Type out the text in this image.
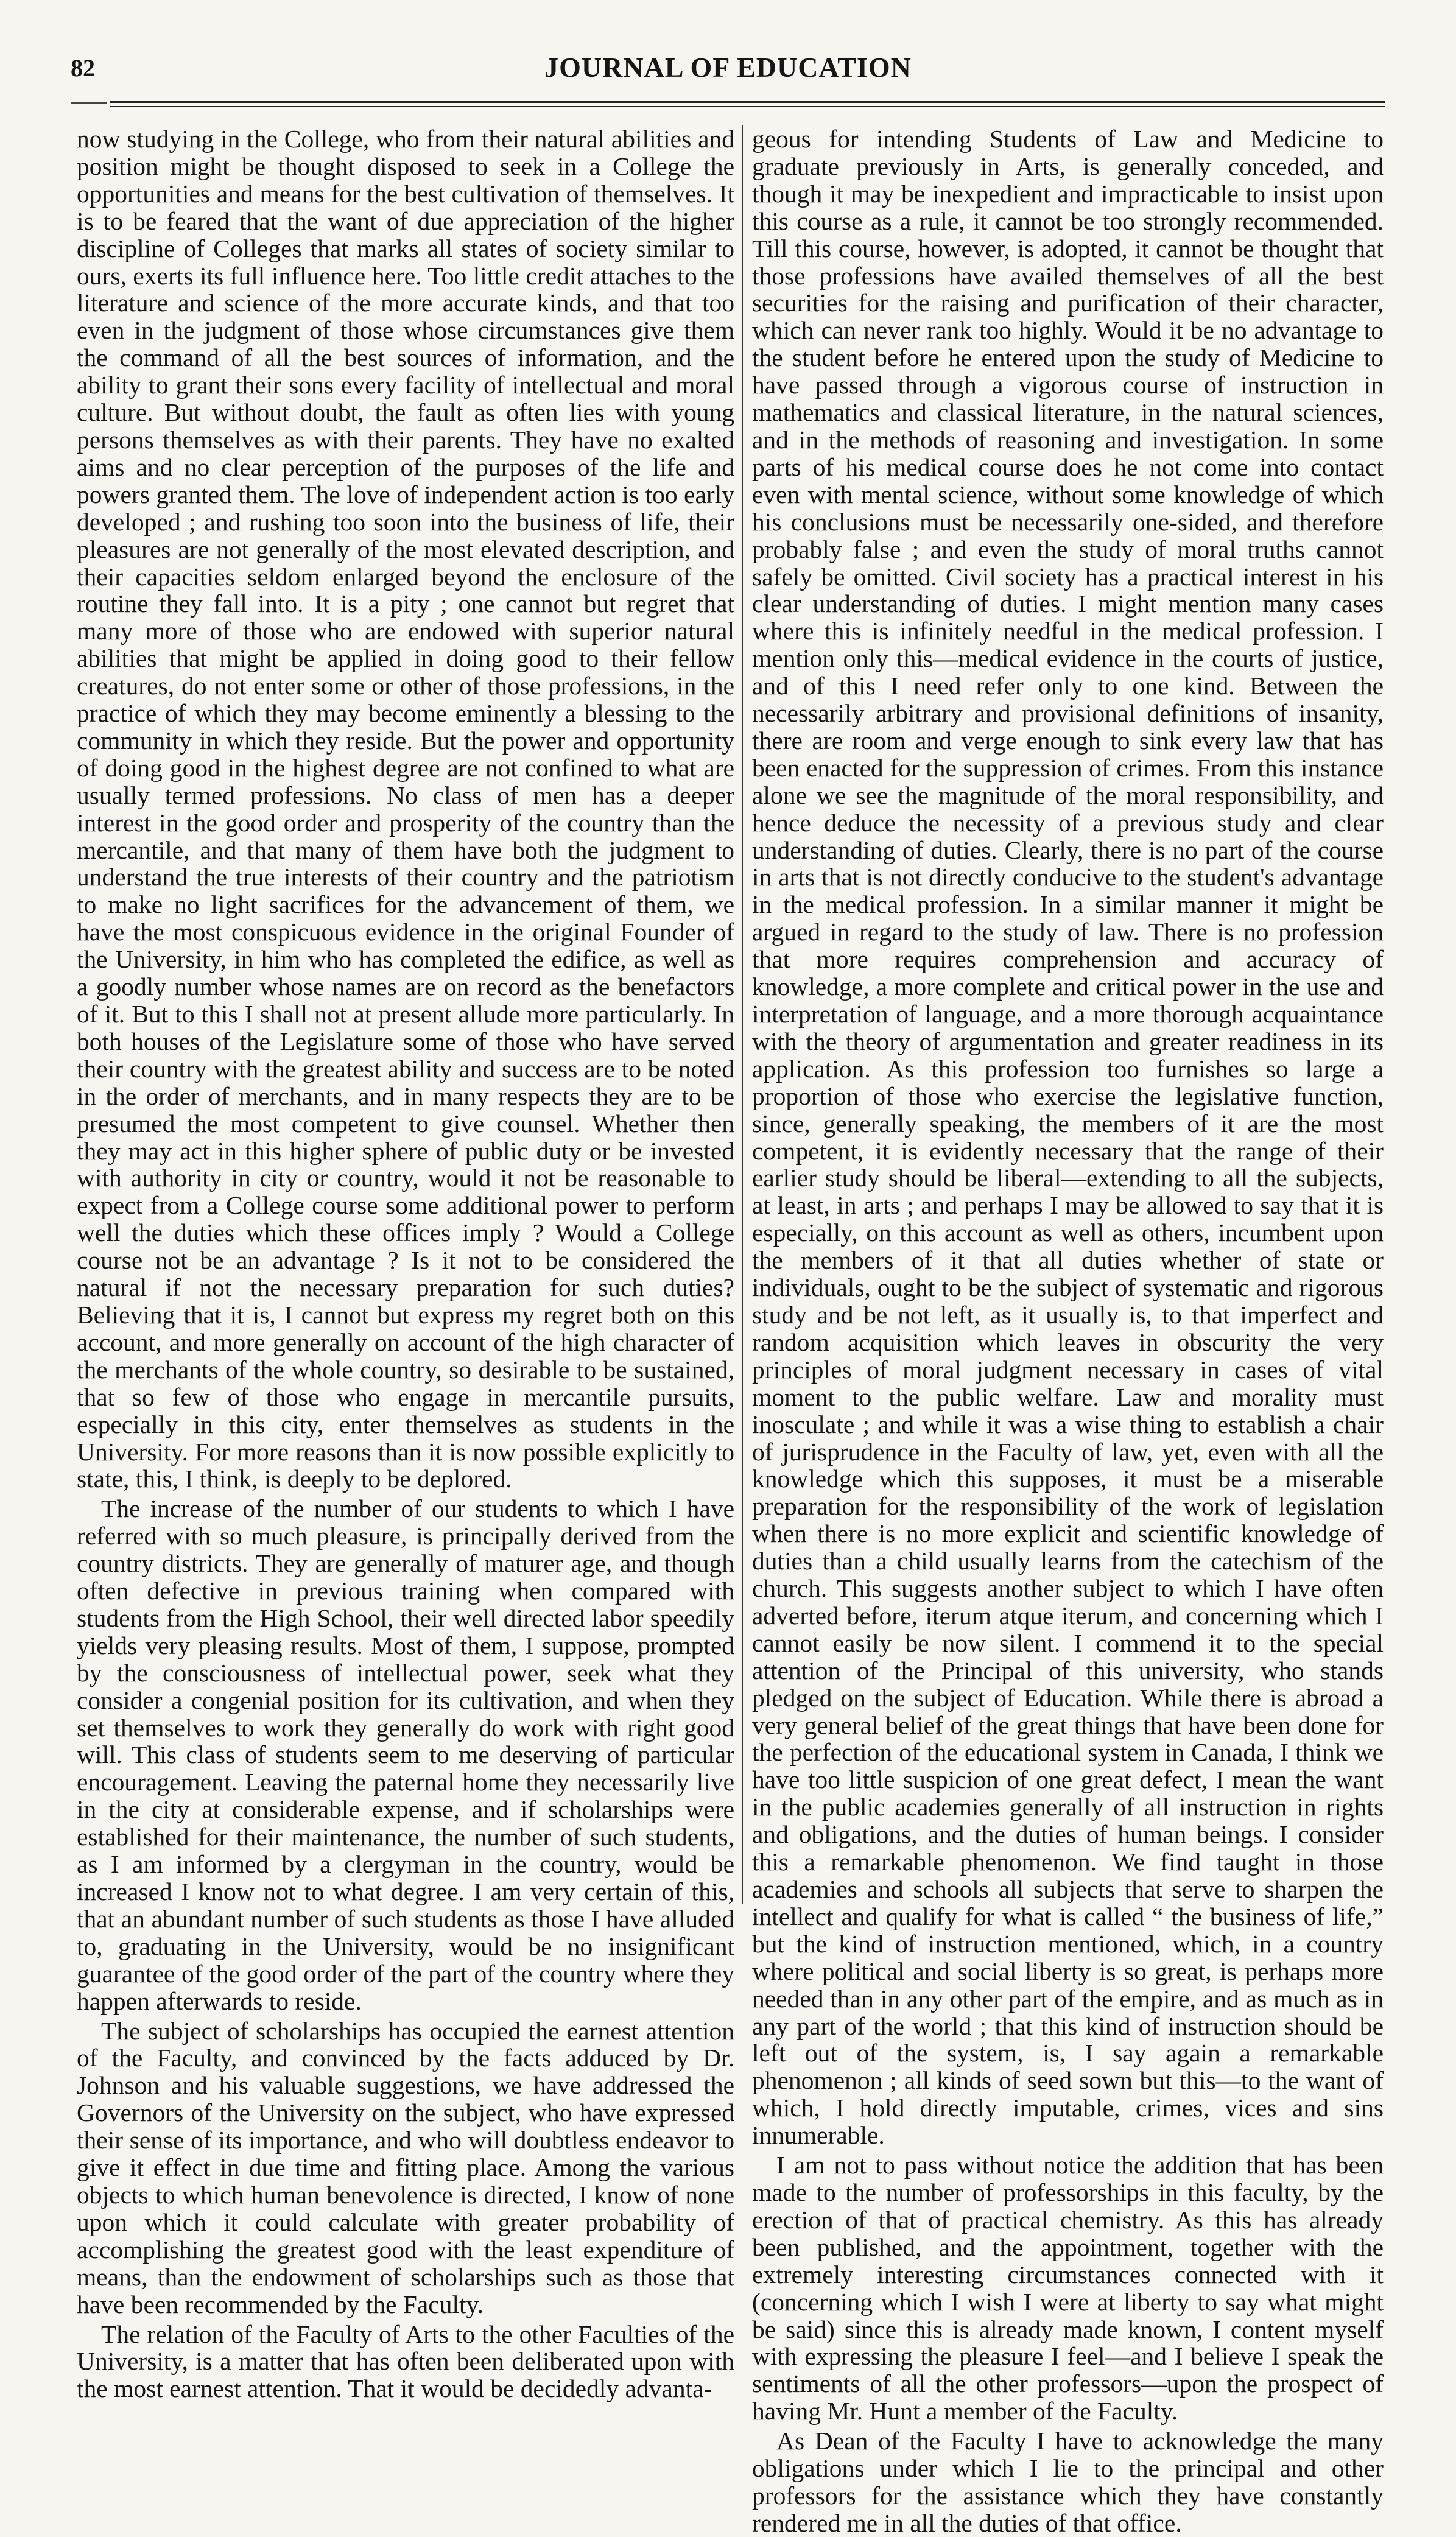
82	JOURNAL OF EDUCATION

now studying in the College, who from their natural abilities and position might be thought disposed to seek in a College the opportunities and means for the best cultivation of themselves. It is to be feared that the want of due appreciation of the higher discipline of Colleges that marks all states of society similar to ours, exerts its full influence here. Too little credit attaches to the literature and science of the more accurate kinds, and that too even in the judgment of those whose circumstances give them the command of all the best sources of information, and the ability to grant their sons every facility of intellectual and moral culture. But without doubt, the fault as often lies with young persons themselves as with their parents. They have no exalted aims and no clear perception of the purposes of the life and powers granted them. The love of independent action is too early developed ; and rushing too soon into the business of life, their pleasures are not generally of the most elevated description, and their capacities seldom enlarged beyond the enclosure of the routine they fall into. It is a pity ; one cannot but regret that many more of those who are endowed with superior natural abilities that might be applied in doing good to their fellow creatures, do not enter some or other of those professions, in the practice of which they may become eminently a blessing to the community in which they reside. But the power and opportunity of doing good in the highest degree are not confined to what are usually termed professions. No class of men has a deeper interest in the good order and prosperity of the country than the mercantile, and that many of them have both the judgment to understand the true interests of their country and the patriotism to make no light sacrifices for the advancement of them, we have the most conspicuous evidence in the original Founder of the University, in him who has completed the edifice, as well as a goodly number whose names are on record as the benefactors of it. But to this I shall not at present allude more particularly. In both houses of the Legislature some of those who have served their country with the greatest ability and success are to be noted in the order of merchants, and in many respects they are to be presumed the most competent to give counsel. Whether then they may act in this higher sphere of public duty or be invested with authority in city or country, would it not be reasonable to expect from a College course some additional power to perform well the duties which these offices imply ? Would a College course not be an advantage ? Is it not to be considered the natural if not the necessary preparation for such duties? Believing that it is, I cannot but express my regret both on this account, and more generally on account of the high character of the merchants of the whole country, so desirable to be sustained, that so few of those who engage in mercantile pursuits, especially in this city, enter themselves as students in the University. For more reasons than it is now possible explicitly to state, this, I think, is deeply to be deplored.

The increase of the number of our students to which I have referred with so much pleasure, is principally derived from the country districts. They are generally of maturer age, and though often defective in previous training when compared with students from the High School, their well directed labor speedily yields very pleasing results. Most of them, I suppose, prompted by the consciousness of intellectual power, seek what they consider a congenial position for its cultivation, and when they set themselves to work they generally do work with right good will. This class of students seem to me deserving of particular encouragement. Leaving the paternal home they necessarily live in the city at considerable expense, and if scholarships were established for their maintenance, the number of such students, as I am informed by a clergyman in the country, would be increased I know not to what degree. I am very certain of this, that an abundant number of such students as those I have alluded to, graduating in the University, would be no insignificant guarantee of the good order of the part of the country where they happen afterwards to reside.

The subject of scholarships has occupied the earnest attention of the Faculty, and convinced by the facts adduced by Dr. Johnson and his valuable suggestions, we have addressed the Governors of the University on the subject, who have expressed their sense of its importance, and who will doubtless endeavor to give it effect in due time and fitting place. Among the various objects to which human benevolence is directed, I know of none upon which it could calculate with greater probability of accomplishing the greatest good with the least expenditure of means, than the endowment of scholarships such as those that have been recommended by the Faculty.

The relation of the Faculty of Arts to the other Faculties of the University, is a matter that has often been deliberated upon with the most earnest attention. That it would be decidedly advanta-

geous for intending Students of Law and Medicine to graduate previously in Arts, is generally conceded, and though it may be inexpedient and impracticable to insist upon this course as a rule, it cannot be too strongly recommended. Till this course, however, is adopted, it cannot be thought that those professions have availed themselves of all the best securities for the raising and purification of their character, which can never rank too highly. Would it be no advantage to the student before he entered upon the study of Medicine to have passed through a vigorous course of instruction in mathematics and classical literature, in the natural sciences, and in the methods of reasoning and investigation. In some parts of his medical course does he not come into contact even with mental science, without some knowledge of which his conclusions must be necessarily one-sided, and therefore probably false ; and even the study of moral truths cannot safely be omitted. Civil society has a practical interest in his clear understanding of duties. I might mention many cases where this is infinitely needful in the medical profession. I mention only this—medical evidence in the courts of justice, and of this I need refer only to one kind. Between the necessarily arbitrary and provisional definitions of insanity, there are room and verge enough to sink every law that has been enacted for the suppression of crimes. From this instance alone we see the magnitude of the moral responsibility, and hence deduce the necessity of a previous study and clear understanding of duties. Clearly, there is no part of the course in arts that is not directly conducive to the student's advantage in the medical profession. In a similar manner it might be argued in regard to the study of law. There is no profession that more requires comprehension and accuracy of knowledge, a more complete and critical power in the use and interpretation of language, and a more thorough acquaintance with the theory of argumentation and greater readiness in its application. As this profession too furnishes so large a proportion of those who exercise the legislative function, since, generally speaking, the members of it are the most competent, it is evidently necessary that the range of their earlier study should be liberal—extending to all the subjects, at least, in arts ; and perhaps I may be allowed to say that it is especially, on this account as well as others, incumbent upon the members of it that all duties whether of state or individuals, ought to be the subject of systematic and rigorous study and be not left, as it usually is, to that imperfect and random acquisition which leaves in obscurity the very principles of moral judgment necessary in cases of vital moment to the public welfare. Law and morality must inosculate ; and while it was a wise thing to establish a chair of jurisprudence in the Faculty of law, yet, even with all the knowledge which this supposes, it must be a miserable preparation for the responsibility of the work of legislation when there is no more explicit and scientific knowledge of duties than a child usually learns from the catechism of the church. This suggests another subject to which I have often adverted before, iterum atque iterum, and concerning which I cannot easily be now silent. I commend it to the special attention of the Principal of this university, who stands pledged on the subject of Education. While there is abroad a very general belief of the great things that have been done for the perfection of the educational system in Canada, I think we have too little suspicion of one great defect, I mean the want in the public academies generally of all instruction in rights and obligations, and the duties of human beings. I consider this a remarkable phenomenon. We find taught in those academies and schools all subjects that serve to sharpen the intellect and qualify for what is called “ the business of life,” but the kind of instruction mentioned, which, in a country where political and social liberty is so great, is perhaps more needed than in any other part of the empire, and as much as in any part of the world ; that this kind of instruction should be left out of the system, is, I say again a remarkable phenomenon ; all kinds of seed sown but this—to the want of which, I hold directly imputable, crimes, vices and sins innumerable.

I am not to pass without notice the addition that has been made to the number of professorships in this faculty, by the erection of that of practical chemistry. As this has already been published, and the appointment, together with the extremely interesting circumstances connected with it (concerning which I wish I were at liberty to say what might be said) since this is already made known, I content myself with expressing the pleasure I feel—and I believe I speak the sentiments of all the other professors—upon the prospect of having Mr. Hunt a member of the Faculty.

As Dean of the Faculty I have to acknowledge the many obligations under which I lie to the principal and other professors for the assistance which they have constantly rendered me in all the duties of that office.
